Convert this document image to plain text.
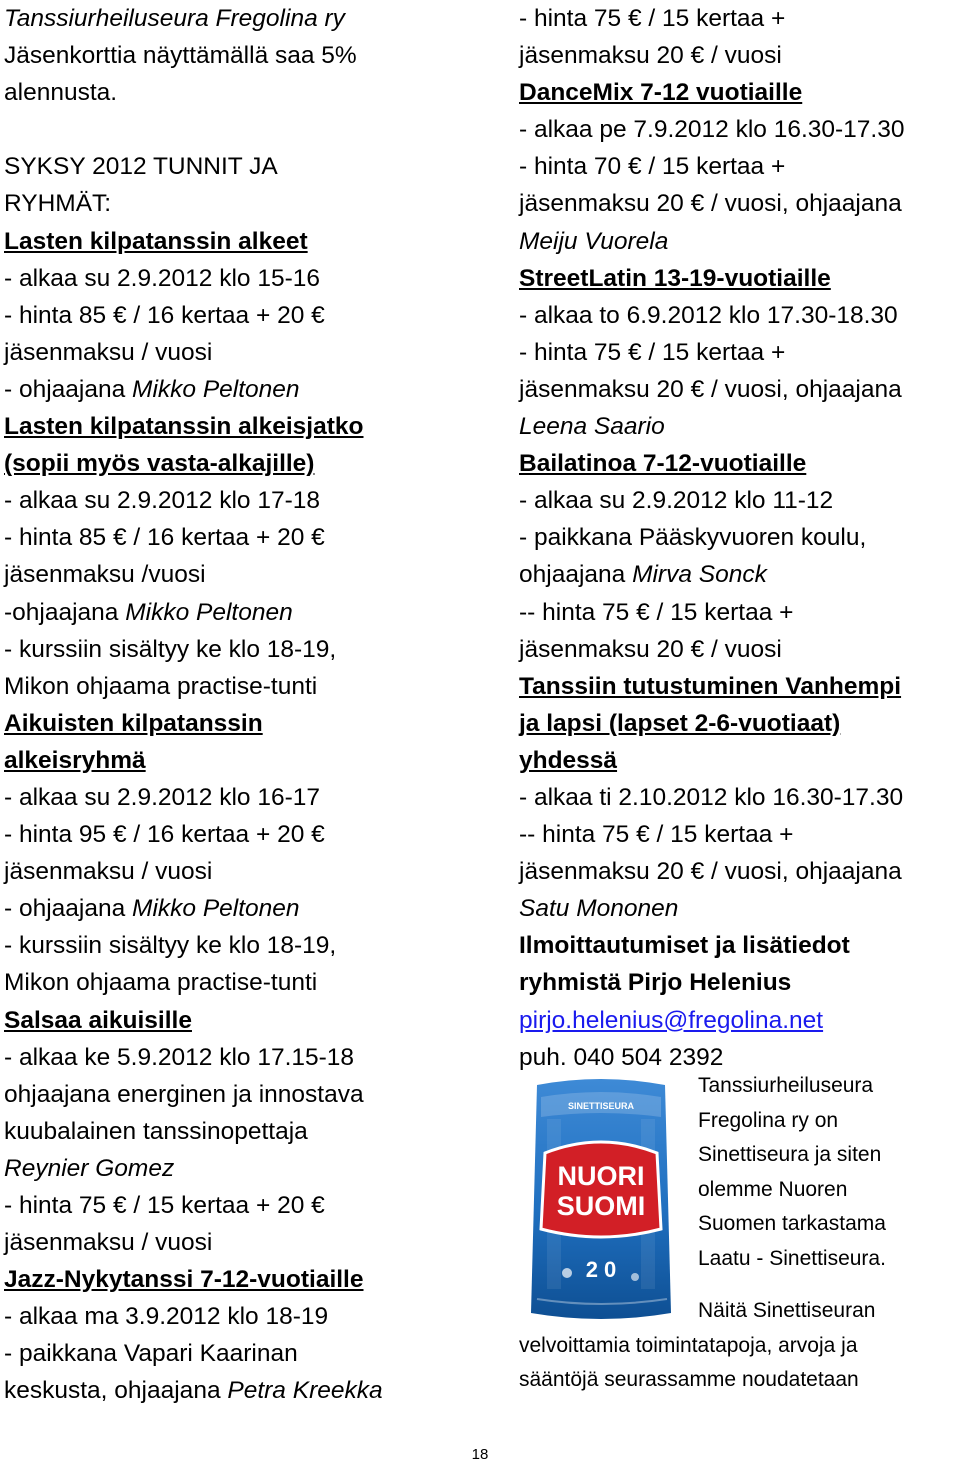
Tanssiurheiluseura Fregolina ry
Jäsenkorttia näyttämällä saa 5%
alennusta.

SYKSY 2012 TUNNIT JA
RYHMÄT:
Lasten kilpatanssin alkeet
- alkaa su 2.9.2012 klo 15-16
- hinta 85 € / 16 kertaa + 20 €
jäsenmaksu / vuosi
- ohjaajana Mikko Peltonen
Lasten kilpatanssin alkeisjatko
(sopii myös vasta-alkajille)
- alkaa su 2.9.2012 klo 17-18
- hinta 85 € / 16 kertaa + 20 €
jäsenmaksu /vuosi
-ohjaajana Mikko Peltonen
- kurssiin sisältyy ke klo 18-19,
Mikon ohjaama practise-tunti
Aikuisten kilpatanssin
alkeisryhmä
- alkaa su 2.9.2012 klo 16-17
- hinta 95 € / 16 kertaa + 20 €
jäsenmaksu / vuosi
- ohjaajana Mikko Peltonen
- kurssiin sisältyy ke klo 18-19,
Mikon ohjaama practise-tunti
Salsaa aikuisille
- alkaa ke 5.9.2012 klo 17.15-18
ohjaajana energinen ja innostava
kuubalainen tanssinopettaja
Reynier Gomez
- hinta 75 € / 15 kertaa + 20 €
jäsenmaksu / vuosi
Jazz-Nykytanssi 7-12-vuotiaille
- alkaa ma 3.9.2012 klo 18-19
- paikkana Vapari Kaarinan
keskusta, ohjaajana Petra Kreekka
- hinta 75 € / 15 kertaa +
jäsenmaksu 20 € / vuosi
DanceMix 7-12 vuotiaille
- alkaa pe 7.9.2012 klo 16.30-17.30
- hinta 70 € / 15 kertaa +
jäsenmaksu 20 € / vuosi, ohjaajana
Meiju Vuorela
StreetLatin 13-19-vuotiaille
- alkaa to 6.9.2012 klo 17.30-18.30
- hinta 75 € / 15 kertaa +
jäsenmaksu 20 € / vuosi, ohjaajana
Leena Saario
Bailatinoa 7-12-vuotiaille
- alkaa su 2.9.2012 klo 11-12
- paikkana Pääskyvuoren koulu,
ohjaajana Mirva Sonck
-- hinta 75 € / 15 kertaa +
jäsenmaksu 20 € / vuosi
Tanssiin tutustuminen Vanhempi
ja lapsi (lapset 2-6-vuotiaat)
yhdessä
- alkaa ti 2.10.2012 klo 16.30-17.30
-- hinta 75 € / 15 kertaa +
jäsenmaksu 20 € / vuosi, ohjaajana
Satu Mononen
Ilmoittautumiset ja lisätiedot
ryhmistä Pirjo Helenius
pirjo.helenius@fregolina.net
puh. 040 504 2392
SINETTISEURA
NUORI
SUOMI
2 0
Tanssiurheiluseura
Fregolina ry on
Sinettiseura ja siten
olemme Nuoren
Suomen tarkastama
Laatu - Sinettiseura.
Näitä Sinettiseuran
velvoittamia toimintatapoja, arvoja ja
sääntöjä seurassamme noudatetaan
18
